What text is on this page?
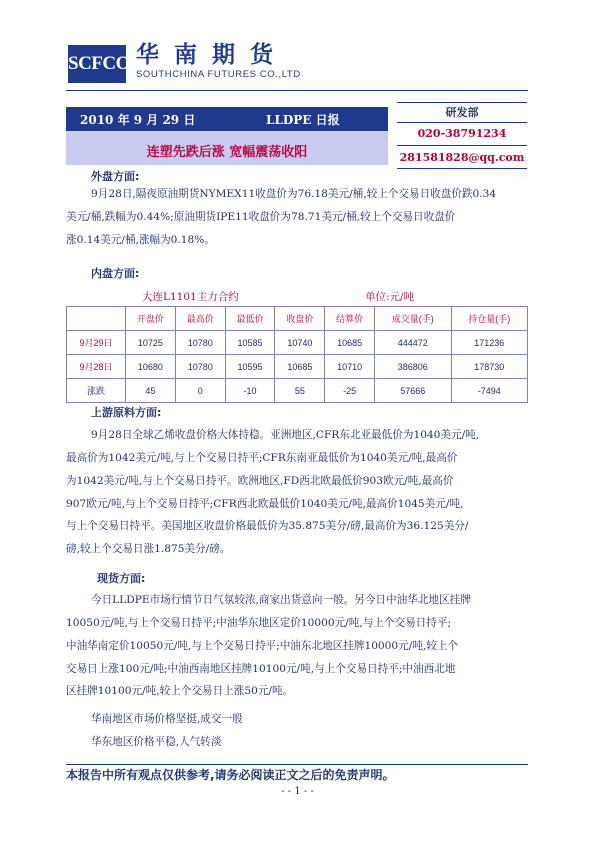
SCFCO 华南期货
SOUTHCHINA FUTURES CO.,LTD
2010 年 9 月 29 日	LLDPE 日报
连塑先跌后涨 宽幅震荡收阳
研发部
020-38791234
281581828@qq.com
外盘方面:
9月28日,隔夜原油期货NYMEX11收盘价为76.18美元/桶,较上个交易日收盘价跌0.34
美元/桶,跌幅为0.44%;原油期货IPE11收盘价为78.71美元/桶,较上个交易日收盘价
涨0.14美元/桶,涨幅为0.18%。
内盘方面:
大连L1101主力合约	单位:元/吨
	开盘价	最高价	最低价	收盘价	结算价	成交量(手)	持仓量(手)
9月29日	10725	10780	10585	10740	10685	444472	171236
9月28日	10680	10780	10595	10685	10710	386806	178730
涨跌	45	0	-10	55	-25	57666	-7494
上游原料方面:
9月28日全球乙烯收盘价格大体持稳。亚洲地区,CFR东北亚最低价为1040美元/吨,
最高价为1042美元/吨,与上个交易日持平;CFR东南亚最低价为1040美元/吨,最高价
为1042美元/吨,与上个交易日持平。欧洲地区,FD西北欧最低价903欧元/吨,最高价
907欧元/吨,与上个交易日持平;CFR西北欧最低价1040美元/吨,最高价1045美元/吨,
与上个交易日持平。美国地区收盘价格最低价为35.875美分/磅,最高价为36.125美分/
磅,较上个交易日涨1.875美分/磅。
现货方面:
今日LLDPE市场行情节日气氛较浓,商家出货意向一般。另今日中油华北地区挂牌
10050元/吨,与上个交易日持平;中油华东地区定价10000元/吨,与上个交易日持平;
中油华南定价10050元/吨,与上个交易日持平;中油东北地区挂牌10000元/吨,较上个
交易日上涨100元/吨;中油西南地区挂牌10100元/吨,与上个交易日持平;中油西北地
区挂牌10100元/吨,较上个交易日上涨50元/吨。
华南地区市场价格坚挺,成交一般
华东地区价格平稳,人气转淡
本报告中所有观点仅供参考,请务必阅读正文之后的免责声明。
- - 1 - -
